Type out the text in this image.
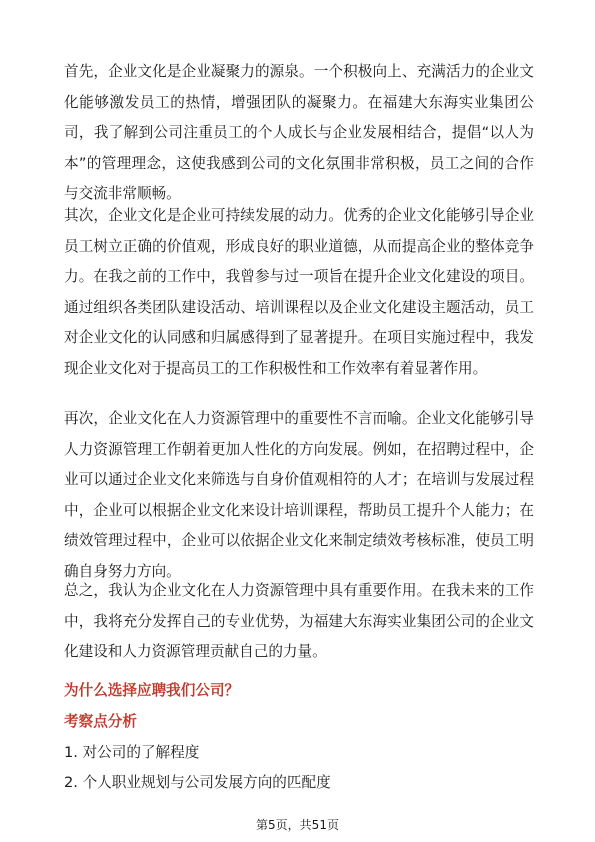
首先，企业文化是企业凝聚力的源泉。一个积极向上、充满活力的企业文化能够激发员工的热情，增强团队的凝聚力。在福建大东海实业集团公司，我了解到公司注重员工的个人成长与企业发展相结合，提倡“以人为本”的管理理念，这使我感到公司的文化氛围非常积极，员工之间的合作与交流非常顺畅。

其次，企业文化是企业可持续发展的动力。优秀的企业文化能够引导企业员工树立正确的价值观，形成良好的职业道德，从而提高企业的整体竞争力。在我之前的工作中，我曾参与过一项旨在提升企业文化建设的项目。通过组织各类团队建设活动、培训课程以及企业文化建设主题活动，员工对企业文化的认同感和归属感得到了显著提升。在项目实施过程中，我发现企业文化对于提高员工的工作积极性和工作效率有着显著作用。

再次，企业文化在人力资源管理中的重要性不言而喻。企业文化能够引导人力资源管理工作朝着更加人性化的方向发展。例如，在招聘过程中，企业可以通过企业文化来筛选与自身价值观相符的人才；在培训与发展过程中，企业可以根据企业文化来设计培训课程，帮助员工提升个人能力；在绩效管理过程中，企业可以依据企业文化来制定绩效考核标准，使员工明确自身努力方向。

总之，我认为企业文化在人力资源管理中具有重要作用。在我未来的工作中，我将充分发挥自己的专业优势，为福建大东海实业集团公司的企业文化建设和人力资源管理贡献自己的力量。

为什么选择应聘我们公司？
考察点分析
1. 对公司的了解程度
2. 个人职业规划与公司发展方向的匹配度
第5页，共51页
